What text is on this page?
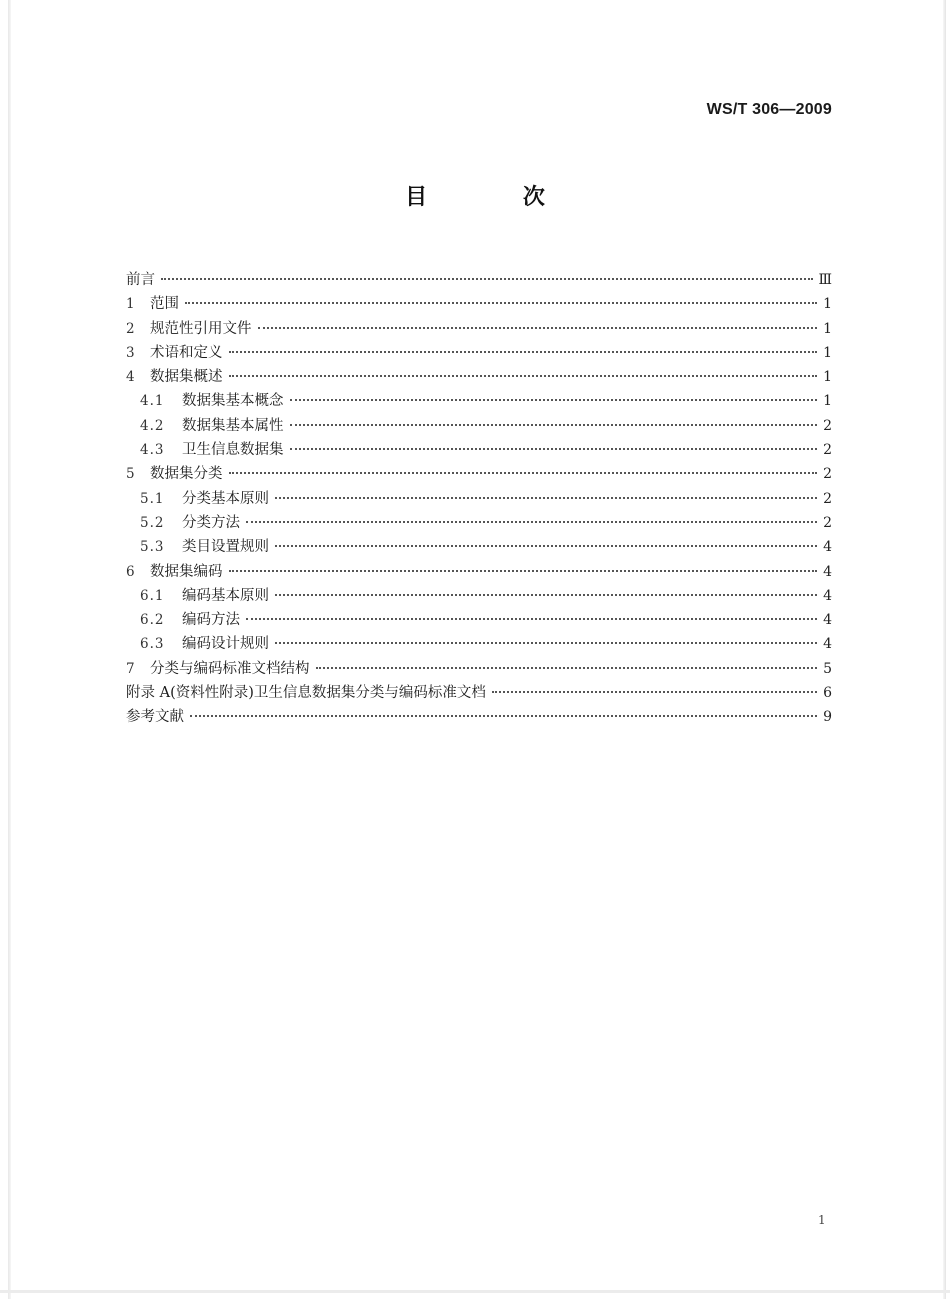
WS/T 306—2009
目 次
前言	Ⅲ
1	范围	1
2	规范性引用文件	1
3	术语和定义	1
4	数据集概述	1
4.1	数据集基本概念	1
4.2	数据集基本属性	2
4.3	卫生信息数据集	2
5	数据集分类	2
5.1	分类基本原则	2
5.2	分类方法	2
5.3	类目设置规则	4
6	数据集编码	4
6.1	编码基本原则	4
6.2	编码方法	4
6.3	编码设计规则	4
7	分类与编码标准文档结构	5
附录 A(资料性附录)卫生信息数据集分类与编码标准文档	6
参考文献	9
1
